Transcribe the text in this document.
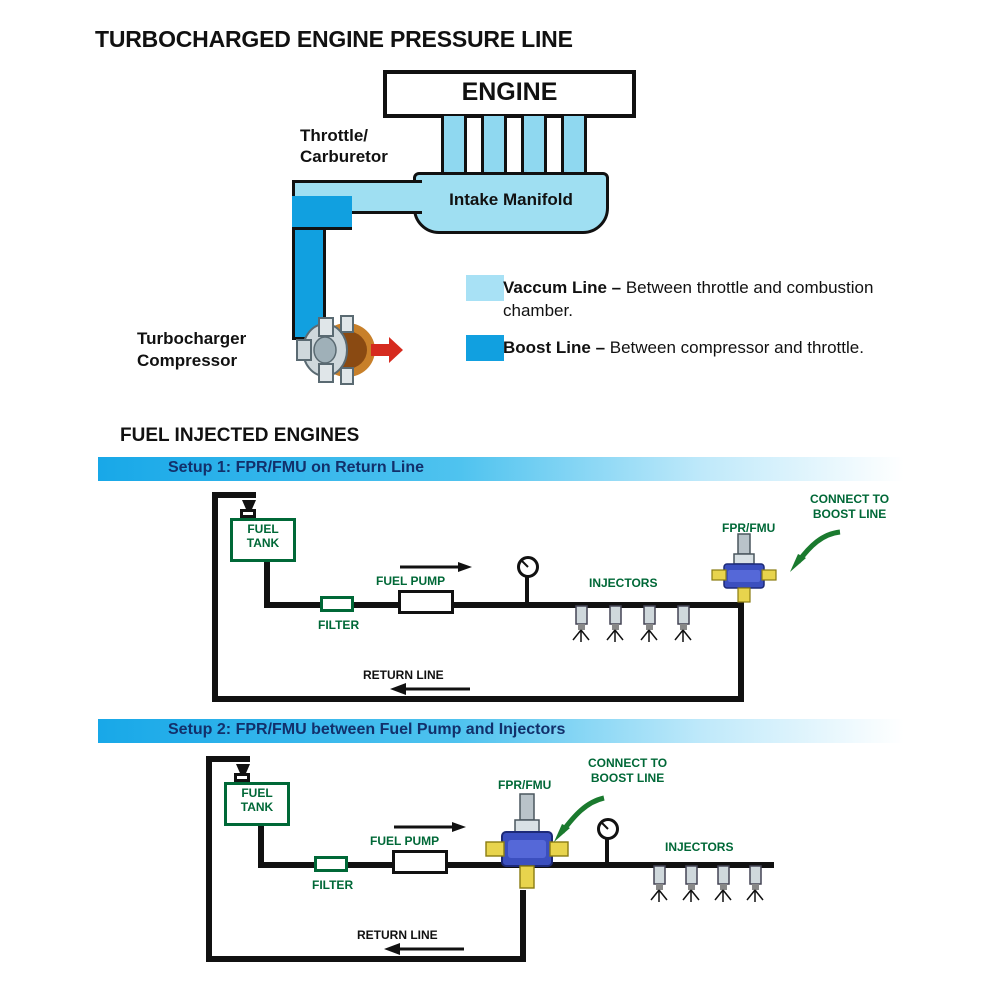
TURBOCHARGED ENGINE PRESSURE LINE
ENGINE
Intake Manifold
Throttle/
Carburetor
Turbocharger
Compressor
Vaccum Line – Between throttle and combustion chamber.
Boost Line – Between compressor and throttle.
FUEL INJECTED ENGINES
Setup 1: FPR/FMU on Return Line
FUEL
TANK
FILTER
FUEL PUMP	INJECTORS
FPR/FMU
CONNECT TO
BOOST LINE
RETURN LINE
Setup 2: FPR/FMU between Fuel Pump and Injectors
FUEL
TANK
FILTER
FUEL PUMP
FPR/FMU
CONNECT TO
BOOST LINE
INJECTORS
RETURN LINE
